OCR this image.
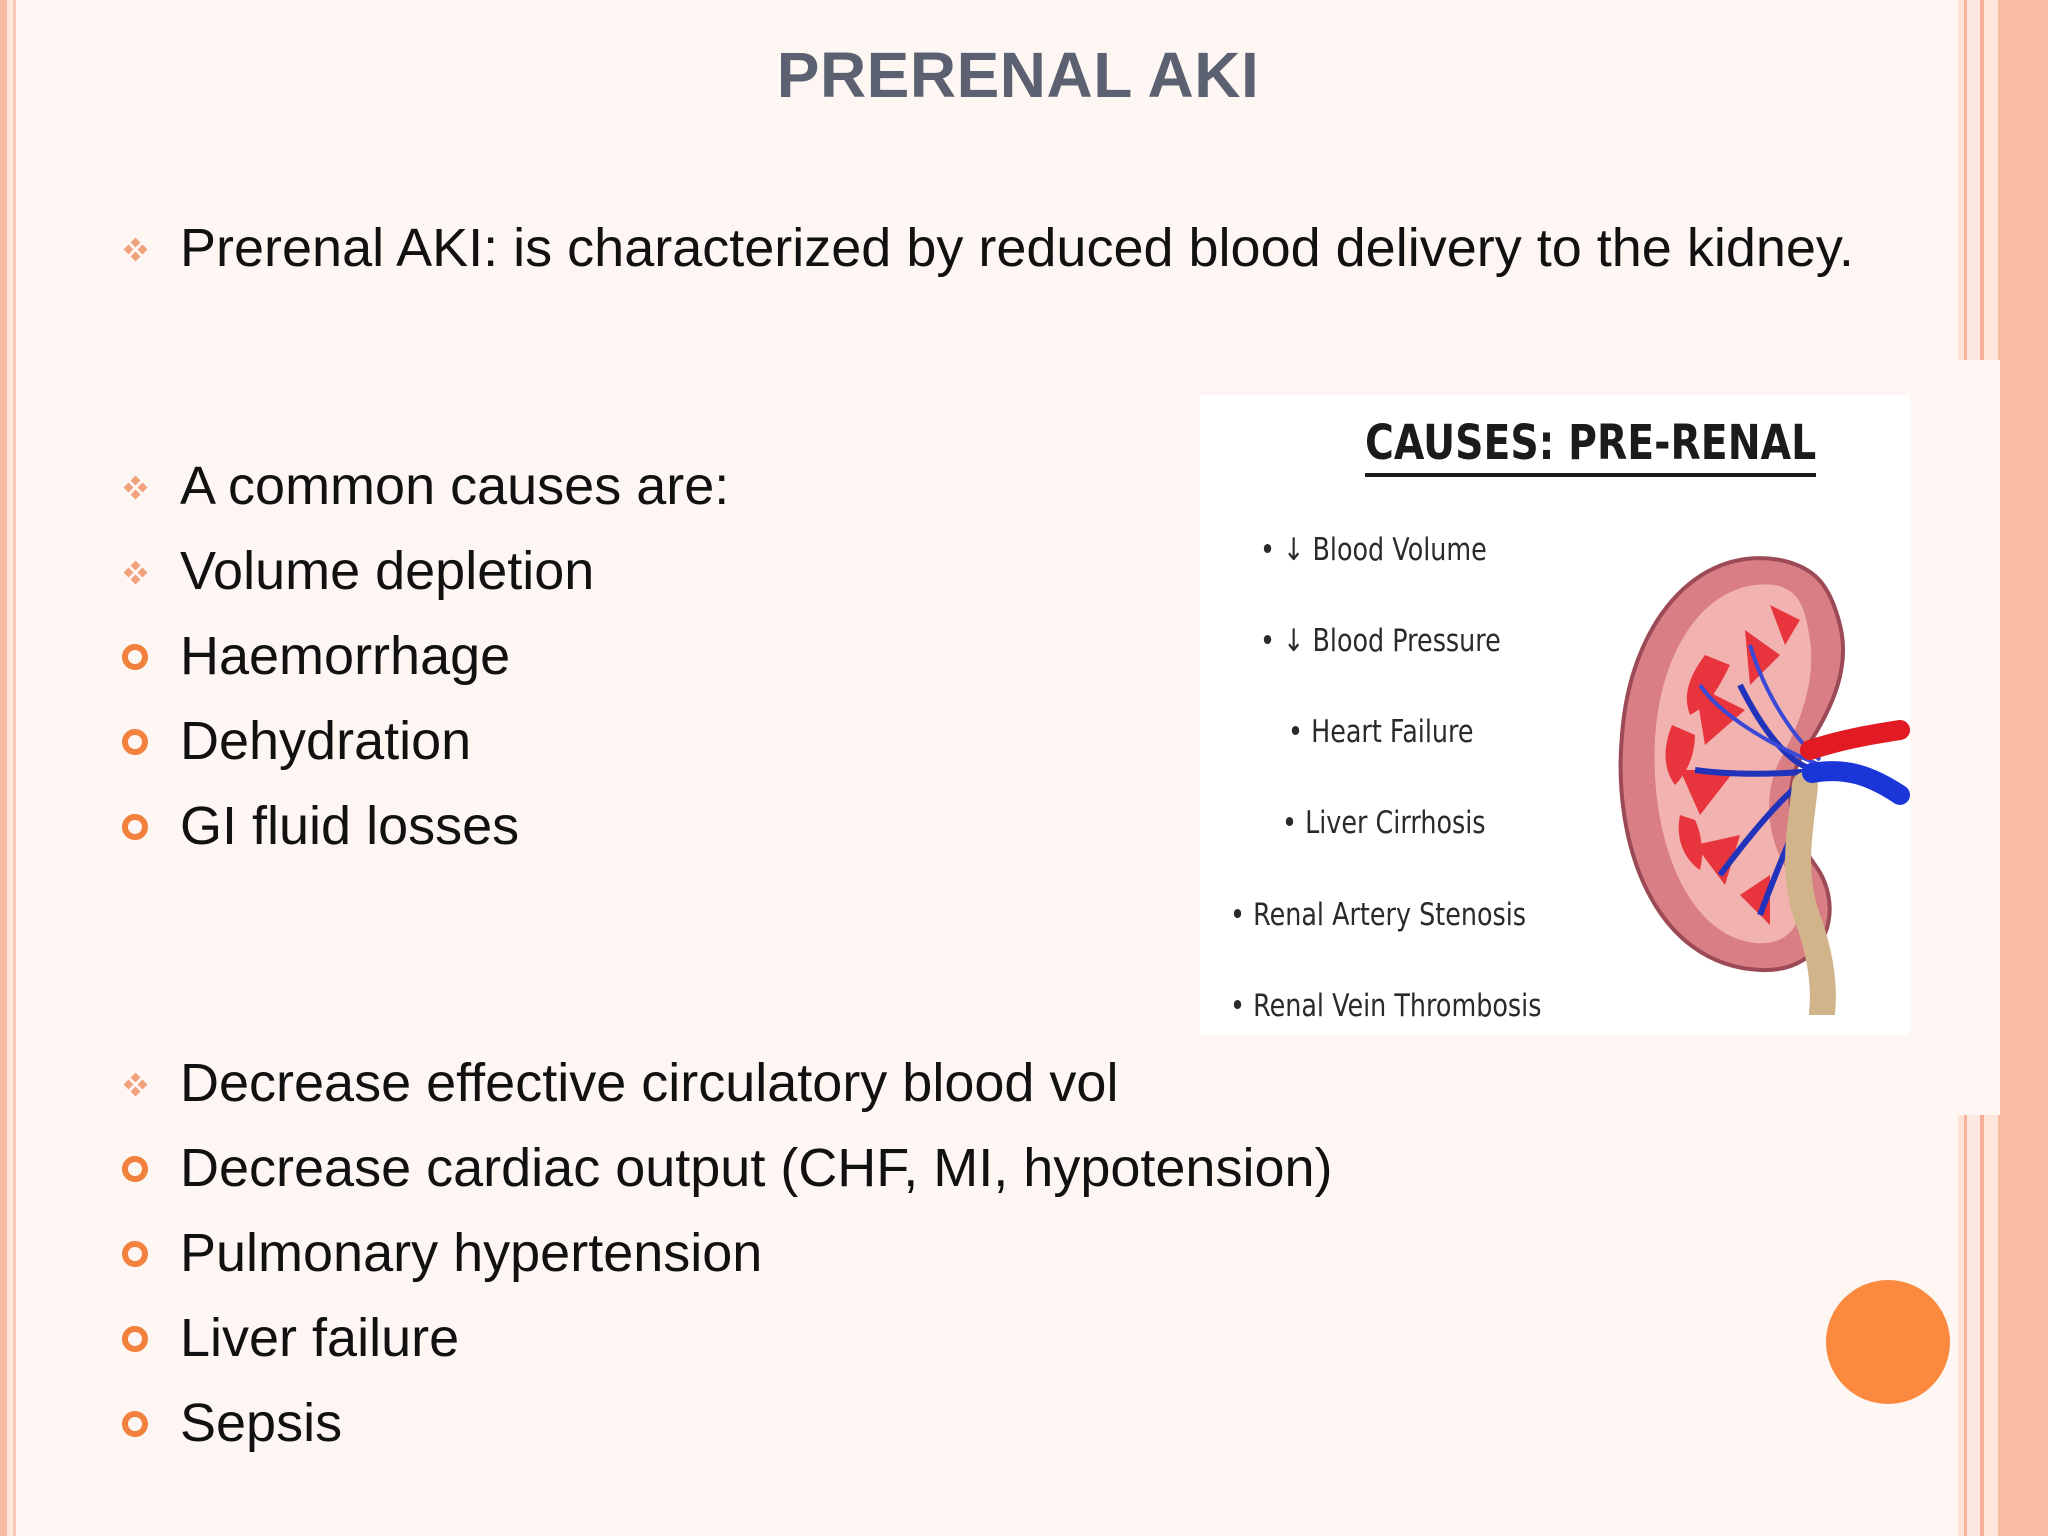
PRERENAL AKI
Prerenal AKI: is characterized by reduced blood delivery to the kidney.
A common causes are:
Volume depletion
Haemorrhage
Dehydration
GI fluid losses
Decrease effective circulatory blood vol
Decrease cardiac output (CHF, MI, hypotension)
Pulmonary hypertension
Liver failure
Sepsis
CAUSES: PRE-RENAL
• ↓ Blood Volume
• ↓ Blood Pressure
• Heart Failure
• Liver Cirrhosis
• Renal Artery Stenosis
• Renal Vein Thrombosis
